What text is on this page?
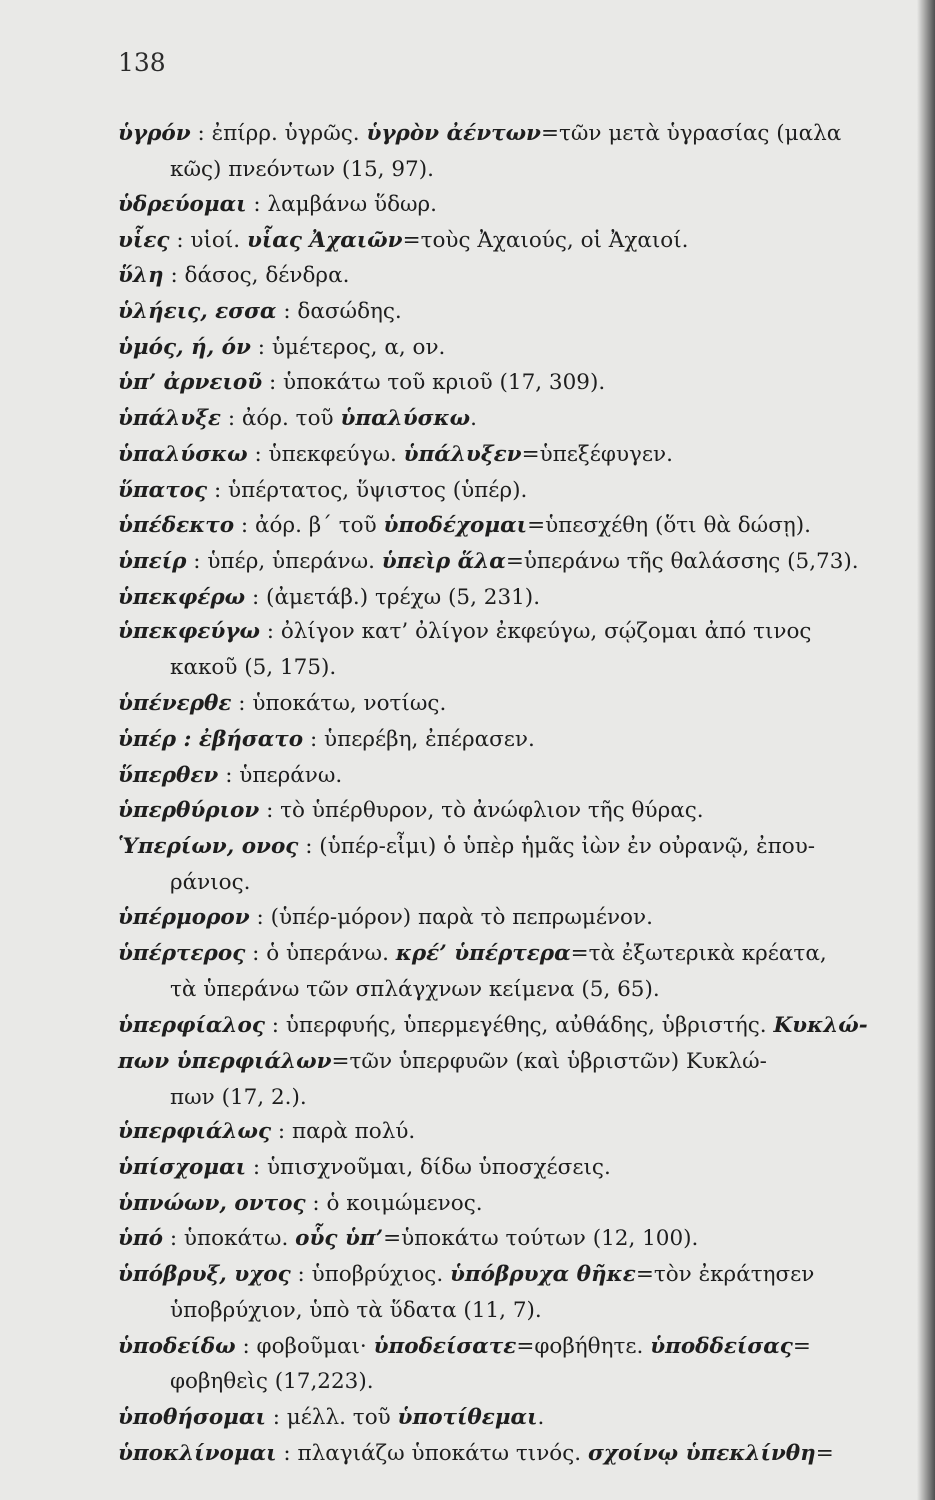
138
ὑγρόν : ἐπίρρ. ὑγρῶς. ὑγρὸν ἀέντων=τῶν μετὰ ὑγρασίας (μαλα
κῶς) πνεόντων (15, 97).
ὑδρεύομαι : λαμβάνω ὕδωρ.
υἷες : υἱοί. υἷας Ἀχαιῶν=τοὺς Ἀχαιούς, οἱ Ἀχαιοί.
ὕλη : δάσος, δένδρα.
ὑλήεις, εσσα : δασώδης.
ὑμός, ή, όν : ὑμέτερος, α, ον.
ὑπ’ ἀρνειοῦ : ὑποκάτω τοῦ κριοῦ (17, 309).
ὑπάλυξε : ἀόρ. τοῦ ὑπαλύσκω.
ὑπαλύσκω : ὑπεκφεύγω. ὑπάλυξεν=ὑπεξέφυγεν.
ὕπατος : ὑπέρτατος, ὕψιστος (ὑπέρ).
ὑπέδεκτο : ἀόρ. β΄ τοῦ ὑποδέχομαι=ὑπεσχέθη (ὅτι θὰ δώσῃ).
ὑπείρ : ὑπέρ, ὑπεράνω. ὑπεὶρ ἅλα=ὑπεράνω τῆς θαλάσσης (5,73).
ὑπεκφέρω : (ἀμετάβ.) τρέχω (5, 231).
ὑπεκφεύγω : ὀλίγον κατ’ ὀλίγον ἐκφεύγω, σῴζομαι ἀπό τινος
κακοῦ (5, 175).
ὑπένερθε : ὑποκάτω, νοτίως.
ὑπέρ : ἐβήσατο : ὑπερέβη, ἐπέρασεν.
ὕπερθεν : ὑπεράνω.
ὑπερθύριον : τὸ ὑπέρθυρον, τὸ ἀνώφλιον τῆς θύρας.
Ὑπερίων, ονος : (ὑπέρ-εἶμι) ὁ ὑπὲρ ἡμᾶς ἰὼν ἐν οὐρανῷ, ἐπου-
ράνιος.
ὑπέρμορον : (ὑπέρ-μόρον) παρὰ τὸ πεπρωμένον.
ὑπέρτερος : ὁ ὑπεράνω. κρέ’ ὑπέρτερα=τὰ ἐξωτερικὰ κρέατα,
τὰ ὑπεράνω τῶν σπλάγχνων κείμενα (5, 65).
ὑπερφίαλος : ὑπερφυής, ὑπερμεγέθης, αὐθάδης, ὑβριστής. Κυκλώ-
πων ὑπερφιάλων=τῶν ὑπερφυῶν (καὶ ὑβριστῶν) Κυκλώ-
πων (17, 2.).
ὑπερφιάλως : παρὰ πολύ.
ὑπίσχομαι : ὑπισχνοῦμαι, δίδω ὑποσχέσεις.
ὑπνώων, οντος : ὁ κοιμώμενος.
ὑπό : ὑποκάτω. οὗς ὑπ’=ὑποκάτω τούτων (12, 100).
ὑπόβρυξ, υχος : ὑποβρύχιος. ὑπόβρυχα θῆκε=τὸν ἐκράτησεν
ὑποβρύχιον, ὑπὸ τὰ ὕδατα (11, 7).
ὑποδείδω : φοβοῦμαι· ὑποδείσατε=φοβήθητε. ὑποδδείσας=
φοβηθεὶς (17,223).
ὑποθήσομαι : μέλλ. τοῦ ὑποτίθεμαι.
ὑποκλίνομαι : πλαγιάζω ὑποκάτω τινός. σχοίνῳ ὑπεκλίνθη=
